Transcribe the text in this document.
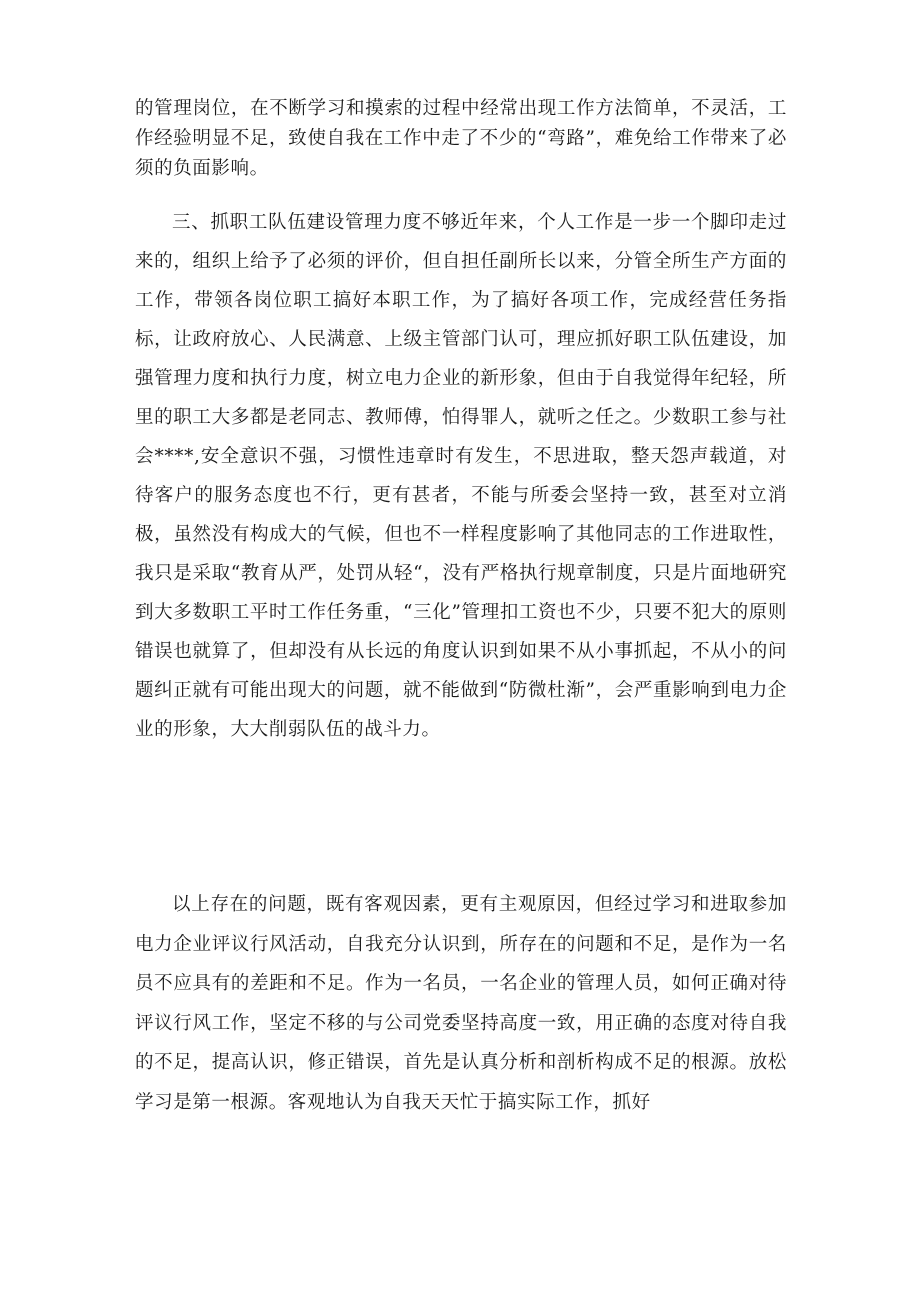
的管理岗位，在不断学习和摸索的过程中经常出现工作方法简单，不灵活，工作经验明显不足，致使自我在工作中走了不少的“弯路”，难免给工作带来了必须的负面影响。

三、抓职工队伍建设管理力度不够近年来，个人工作是一步一个脚印走过来的，组织上给予了必须的评价，但自担任副所长以来，分管全所生产方面的工作，带领各岗位职工搞好本职工作，为了搞好各项工作，完成经营任务指标，让政府放心、人民满意、上级主管部门认可，理应抓好职工队伍建设，加强管理力度和执行力度，树立电力企业的新形象，但由于自我觉得年纪轻，所里的职工大多都是老同志、教师傅，怕得罪人，就听之任之。少数职工参与社会****,安全意识不强，习惯性违章时有发生，不思进取，整天怨声载道，对待客户的服务态度也不行，更有甚者，不能与所委会坚持一致，甚至对立消极，虽然没有构成大的气候，但也不一样程度影响了其他同志的工作进取性，我只是采取“教育从严，处罚从轻“，没有严格执行规章制度，只是片面地研究到大多数职工平时工作任务重，“三化”管理扣工资也不少，只要不犯大的原则错误也就算了，但却没有从长远的角度认识到如果不从小事抓起，不从小的问题纠正就有可能出现大的问题，就不能做到“防微杜渐”，会严重影响到电力企业的形象，大大削弱队伍的战斗力。

以上存在的问题，既有客观因素，更有主观原因，但经过学习和进取参加电力企业评议行风活动，自我充分认识到，所存在的问题和不足，是作为一名员不应具有的差距和不足。作为一名员，一名企业的管理人员，如何正确对待评议行风工作，坚定不移的与公司党委坚持高度一致，用正确的态度对待自我的不足，提高认识，修正错误，首先是认真分析和剖析构成不足的根源。放松学习是第一根源。客观地认为自我天天忙于搞实际工作，抓好
